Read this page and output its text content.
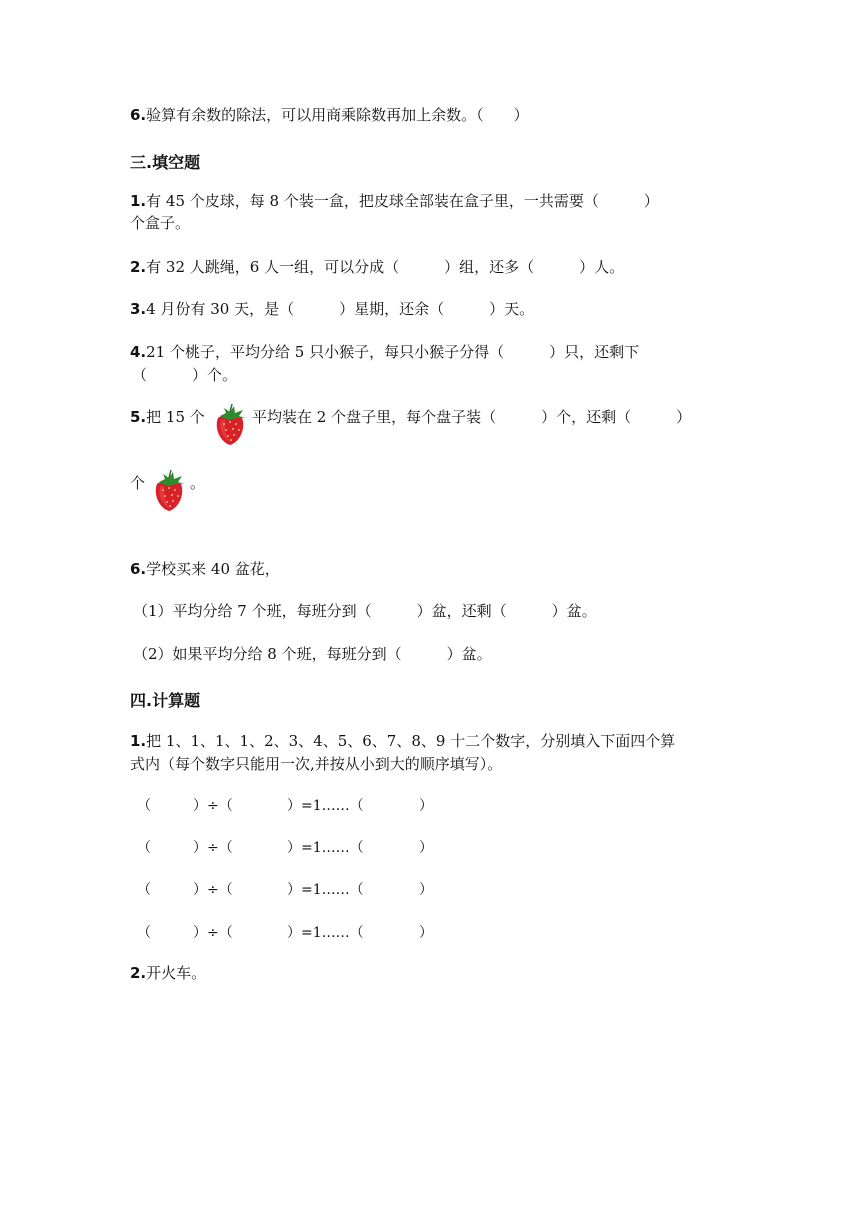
6.验算有余数的除法，可以用商乘除数再加上余数。（　　）
三.填空题
1.有 45 个皮球，每 8 个装一盒，把皮球全部装在盒子里，一共需要（　　　）
个盒子。
2.有 32 人跳绳，6 人一组，可以分成（　　　）组，还多（　　　）人。
3.4 月份有 30 天，是（　　　）星期，还余（　　　）天。
4.21 个桃子，平均分给 5 只小猴子，每只小猴子分得（　　　）只，还剩下
（　　　）个。
5.把 15 个	平均装在 2 个盘子里，每个盘子装（　　　）个，还剩（　　　）
个	。
6.学校买来 40 盆花，
（1）平均分给 7 个班，每班分到（　　　）盆，还剩（　　　）盆。
（2）如果平均分给 8 个班，每班分到（　　　）盆。
四.计算题
1.把 1、1、1、1、2、3、4、5、6、7、8、9 十二个数字，分别填入下面四个算
式内（每个数字只能用一次,并按从小到大的顺序填写）。
（	）÷（	）=1……（	）
（	）÷（	）=1……（	）
（	）÷（	）=1……（	）
（	）÷（	）=1……（	）
2.开火车。
